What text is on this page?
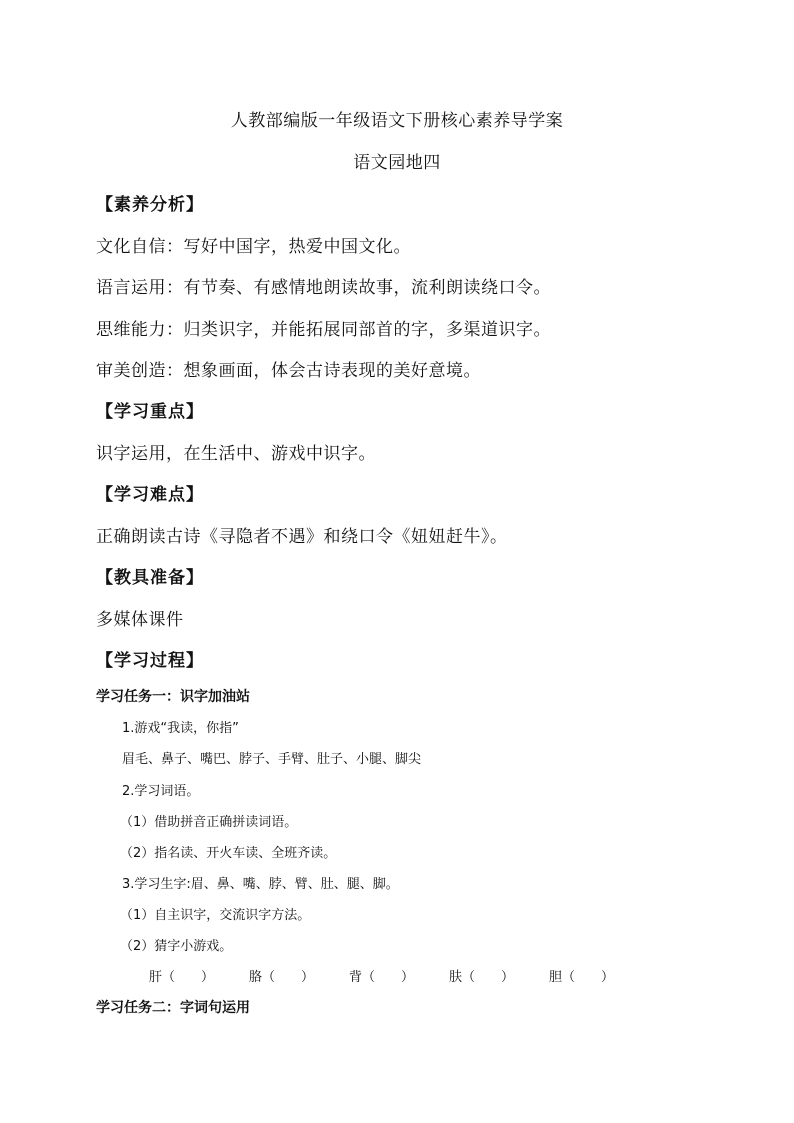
人教部编版一年级语文下册核心素养导学案
语文园地四
【素养分析】
文化自信：写好中国字，热爱中国文化。
语言运用：有节奏、有感情地朗读故事，流利朗读绕口令。
思维能力：归类识字，并能拓展同部首的字，多渠道识字。
审美创造：想象画面，体会古诗表现的美好意境。
【学习重点】
识字运用，在生活中、游戏中识字。
【学习难点】
正确朗读古诗《寻隐者不遇》和绕口令《妞妞赶牛》。
【教具准备】
多媒体课件
【学习过程】
学习任务一：识字加油站
1.游戏“我读，你指”
眉毛、鼻子、嘴巴、脖子、手臂、肚子、小腿、脚尖
2.学习词语。
（1）借助拼音正确拼读词语。
（2）指名读、开火车读、全班齐读。
3.学习生字:眉、鼻、嘴、脖、臂、肚、腿、脚。
（1）自主识字，交流识字方法。
（2）猜字小游戏。
肝（　　）	胳（　　）	背（　　）	肤（　　）	胆（　　）
学习任务二：字词句运用
